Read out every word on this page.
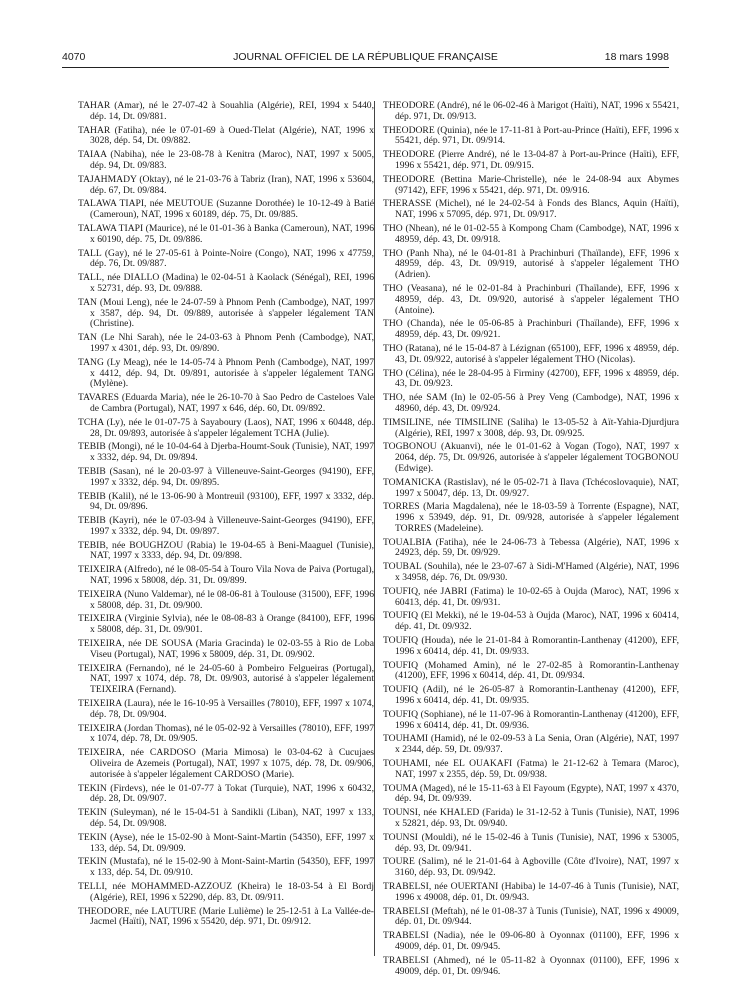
4070	JOURNAL OFFICIEL DE LA RÉPUBLIQUE FRANÇAISE	18 mars 1998

TAHAR (Amar), né le 27-07-42 à Souahlia (Algérie), REI, 1994 x 5440, dép. 14, Dt. 09/881.

TAHAR (Fatiha), née le 07-01-69 à Oued-Tlelat (Algérie), NAT, 1996 x 3028, dép. 54, Dt. 09/882.

TAIAA (Nabiha), née le 23-08-78 à Kenitra (Maroc), NAT, 1997 x 5005, dép. 94, Dt. 09/883.

TAJAHMADY (Oktay), né le 21-03-76 à Tabriz (Iran), NAT, 1996 x 53604, dép. 67, Dt. 09/884.

TALAWA TIAPI, née MEUTOUE (Suzanne Dorothée) le 10-12-49 à Batié (Cameroun), NAT, 1996 x 60189, dép. 75, Dt. 09/885.

TALAWA TIAPI (Maurice), né le 01-01-36 à Banka (Cameroun), NAT, 1996 x 60190, dép. 75, Dt. 09/886.

TALL (Gay), né le 27-05-61 à Pointe-Noire (Congo), NAT, 1996 x 47759, dép. 76, Dt. 09/887.

TALL, née DIALLO (Madina) le 02-04-51 à Kaolack (Sénégal), REI, 1996 x 52731, dép. 93, Dt. 09/888.

TAN (Moui Leng), née le 24-07-59 à Phnom Penh (Cambodge), NAT, 1997 x 3587, dép. 94, Dt. 09/889, autorisée à s'appeler légalement TAN (Christine).

TAN (Le Nhi Sarah), née le 24-03-63 à Phnom Penh (Cambodge), NAT, 1997 x 4301, dép. 93, Dt. 09/890.

TANG (Ly Meag), née le 14-05-74 à Phnom Penh (Cambodge), NAT, 1997 x 4412, dép. 94, Dt. 09/891, autorisée à s'appeler légalement TANG (Mylène).

TAVARES (Eduarda Maria), née le 26-10-70 à Sao Pedro de Casteloes Vale de Cambra (Portugal), NAT, 1997 x 646, dép. 60, Dt. 09/892.

TCHA (Ly), née le 01-07-75 à Sayaboury (Laos), NAT, 1996 x 60448, dép. 28, Dt. 09/893, autorisée à s'appeler légalement TCHA (Julie).

TEBIB (Mongi), né le 10-04-64 à Djerba-Houmt-Souk (Tunisie), NAT, 1997 x 3332, dép. 94, Dt. 09/894.

TEBIB (Sasan), né le 20-03-97 à Villeneuve-Saint-Georges (94190), EFF, 1997 x 3332, dép. 94, Dt. 09/895.

TEBIB (Kalil), né le 13-06-90 à Montreuil (93100), EFF, 1997 x 3332, dép. 94, Dt. 09/896.

TEBIB (Kayri), née le 07-03-94 à Villeneuve-Saint-Georges (94190), EFF, 1997 x 3332, dép. 94, Dt. 09/897.

TEBIB, née BOUGHZOU (Rabia) le 19-04-65 à Beni-Maaguel (Tunisie), NAT, 1997 x 3333, dép. 94, Dt. 09/898.

TEIXEIRA (Alfredo), né le 08-05-54 à Touro Vila Nova de Paiva (Portugal), NAT, 1996 x 58008, dép. 31, Dt. 09/899.

TEIXEIRA (Nuno Valdemar), né le 08-06-81 à Toulouse (31500), EFF, 1996 x 58008, dép. 31, Dt. 09/900.

TEIXEIRA (Virginie Sylvia), née le 08-08-83 à Orange (84100), EFF, 1996 x 58008, dép. 31, Dt. 09/901.

TEIXEIRA, née DE SOUSA (Maria Gracinda) le 02-03-55 à Rio de Loba Viseu (Portugal), NAT, 1996 x 58009, dép. 31, Dt. 09/902.

TEIXEIRA (Fernando), né le 24-05-60 à Pombeiro Felgueiras (Portugal), NAT, 1997 x 1074, dép. 78, Dt. 09/903, autorisé à s'appeler légalement TEIXEIRA (Fernand).

TEIXEIRA (Laura), née le 16-10-95 à Versailles (78010), EFF, 1997 x 1074, dép. 78, Dt. 09/904.

TEIXEIRA (Jordan Thomas), né le 05-02-92 à Versailles (78010), EFF, 1997 x 1074, dép. 78, Dt. 09/905.

TEIXEIRA, née CARDOSO (Maria Mimosa) le 03-04-62 à Cucujaes Oliveira de Azemeis (Portugal), NAT, 1997 x 1075, dép. 78, Dt. 09/906, autorisée à s'appeler légalement CARDOSO (Marie).

TEKIN (Firdevs), née le 01-07-77 à Tokat (Turquie), NAT, 1996 x 60432, dép. 28, Dt. 09/907.

TEKIN (Suleyman), né le 15-04-51 à Sandikli (Liban), NAT, 1997 x 133, dép. 54, Dt. 09/908.

TEKIN (Ayse), née le 15-02-90 à Mont-Saint-Martin (54350), EFF, 1997 x 133, dép. 54, Dt. 09/909.

TEKIN (Mustafa), né le 15-02-90 à Mont-Saint-Martin (54350), EFF, 1997 x 133, dép. 54, Dt. 09/910.

TELLI, née MOHAMMED-AZZOUZ (Kheira) le 18-03-54 à El Bordj (Algérie), REI, 1996 x 52290, dép. 83, Dt. 09/911.

THEODORE, née LAUTURE (Marie Lulième) le 25-12-51 à La Vallée-de-Jacmel (Haïti), NAT, 1996 x 55420, dép. 971, Dt. 09/912.

THEODORE (André), né le 06-02-46 à Marigot (Haïti), NAT, 1996 x 55421, dép. 971, Dt. 09/913.

THEODORE (Quinia), née le 17-11-81 à Port-au-Prince (Haïti), EFF, 1996 x 55421, dép. 971, Dt. 09/914.

THEODORE (Pierre André), né le 13-04-87 à Port-au-Prince (Haïti), EFF, 1996 x 55421, dép. 971, Dt. 09/915.

THEODORE (Bettina Marie-Christelle), née le 24-08-94 aux Abymes (97142), EFF, 1996 x 55421, dép. 971, Dt. 09/916.

THERASSE (Michel), né le 24-02-54 à Fonds des Blancs, Aquin (Haïti), NAT, 1996 x 57095, dép. 971, Dt. 09/917.

THO (Nhean), né le 01-02-55 à Kompong Cham (Cambodge), NAT, 1996 x 48959, dép. 43, Dt. 09/918.

THO (Panh Nha), né le 04-01-81 à Prachinburi (Thaïlande), EFF, 1996 x 48959, dép. 43, Dt. 09/919, autorisé à s'appeler légalement THO (Adrien).

THO (Veasana), né le 02-01-84 à Prachinburi (Thaïlande), EFF, 1996 x 48959, dép. 43, Dt. 09/920, autorisé à s'appeler légalement THO (Antoine).

THO (Chanda), née le 05-06-85 à Prachinburi (Thaïlande), EFF, 1996 x 48959, dép. 43, Dt. 09/921.

THO (Ratana), né le 15-04-87 à Lézignan (65100), EFF, 1996 x 48959, dép. 43, Dt. 09/922, autorisé à s'appeler légalement THO (Nicolas).

THO (Célina), née le 28-04-95 à Firminy (42700), EFF, 1996 x 48959, dép. 43, Dt. 09/923.

THO, née SAM (In) le 02-05-56 à Prey Veng (Cambodge), NAT, 1996 x 48960, dép. 43, Dt. 09/924.

TIMSILINE, née TIMSILINE (Saliha) le 13-05-52 à Aït-Yahia-Djurdjura (Algérie), REI, 1997 x 3008, dép. 93, Dt. 09/925.

TOGBONOU (Akuanvi), née le 01-01-62 à Vogan (Togo), NAT, 1997 x 2064, dép. 75, Dt. 09/926, autorisée à s'appeler légalement TOGBONOU (Edwige).

TOMANICKA (Rastislav), né le 05-02-71 à Ilava (Tchécoslovaquie), NAT, 1997 x 50047, dép. 13, Dt. 09/927.

TORRES (Maria Magdalena), née le 18-03-59 à Torrente (Espagne), NAT, 1996 x 53949, dép. 91, Dt. 09/928, autorisée à s'appeler légalement TORRES (Madeleine).

TOUALBIA (Fatiha), née le 24-06-73 à Tebessa (Algérie), NAT, 1996 x 24923, dép. 59, Dt. 09/929.

TOUBAL (Souhila), née le 23-07-67 à Sidi-M'Hamed (Algérie), NAT, 1996 x 34958, dép. 76, Dt. 09/930.

TOUFIQ, née JABRI (Fatima) le 10-02-65 à Oujda (Maroc), NAT, 1996 x 60413, dép. 41, Dt. 09/931.

TOUFIQ (El Mekki), né le 19-04-53 à Oujda (Maroc), NAT, 1996 x 60414, dép. 41, Dt. 09/932.

TOUFIQ (Houda), née le 21-01-84 à Romorantin-Lanthenay (41200), EFF, 1996 x 60414, dép. 41, Dt. 09/933.

TOUFIQ (Mohamed Amin), né le 27-02-85 à Romorantin-Lanthenay (41200), EFF, 1996 x 60414, dép. 41, Dt. 09/934.

TOUFIQ (Adil), né le 26-05-87 à Romorantin-Lanthenay (41200), EFF, 1996 x 60414, dép. 41, Dt. 09/935.

TOUFIQ (Sophiane), né le 11-07-96 à Romorantin-Lanthenay (41200), EFF, 1996 x 60414, dép. 41, Dt. 09/936.

TOUHAMI (Hamid), né le 02-09-53 à La Senia, Oran (Algérie), NAT, 1997 x 2344, dép. 59, Dt. 09/937.

TOUHAMI, née EL OUAKAFI (Fatma) le 21-12-62 à Temara (Maroc), NAT, 1997 x 2355, dép. 59, Dt. 09/938.

TOUMA (Maged), né le 15-11-63 à El Fayoum (Egypte), NAT, 1997 x 4370, dép. 94, Dt. 09/939.

TOUNSI, née KHALED (Farida) le 31-12-52 à Tunis (Tunisie), NAT, 1996 x 52821, dép. 93, Dt. 09/940.

TOUNSI (Mouldi), né le 15-02-46 à Tunis (Tunisie), NAT, 1996 x 53005, dép. 93, Dt. 09/941.

TOURE (Salim), né le 21-01-64 à Agboville (Côte d'Ivoire), NAT, 1997 x 3160, dép. 93, Dt. 09/942.

TRABELSI, née OUERTANI (Habiba) le 14-07-46 à Tunis (Tunisie), NAT, 1996 x 49008, dép. 01, Dt. 09/943.

TRABELSI (Meftah), né le 01-08-37 à Tunis (Tunisie), NAT, 1996 x 49009, dép. 01, Dt. 09/944.

TRABELSI (Nadia), née le 09-06-80 à Oyonnax (01100), EFF, 1996 x 49009, dép. 01, Dt. 09/945.

TRABELSI (Ahmed), né le 05-11-82 à Oyonnax (01100), EFF, 1996 x 49009, dép. 01, Dt. 09/946.
